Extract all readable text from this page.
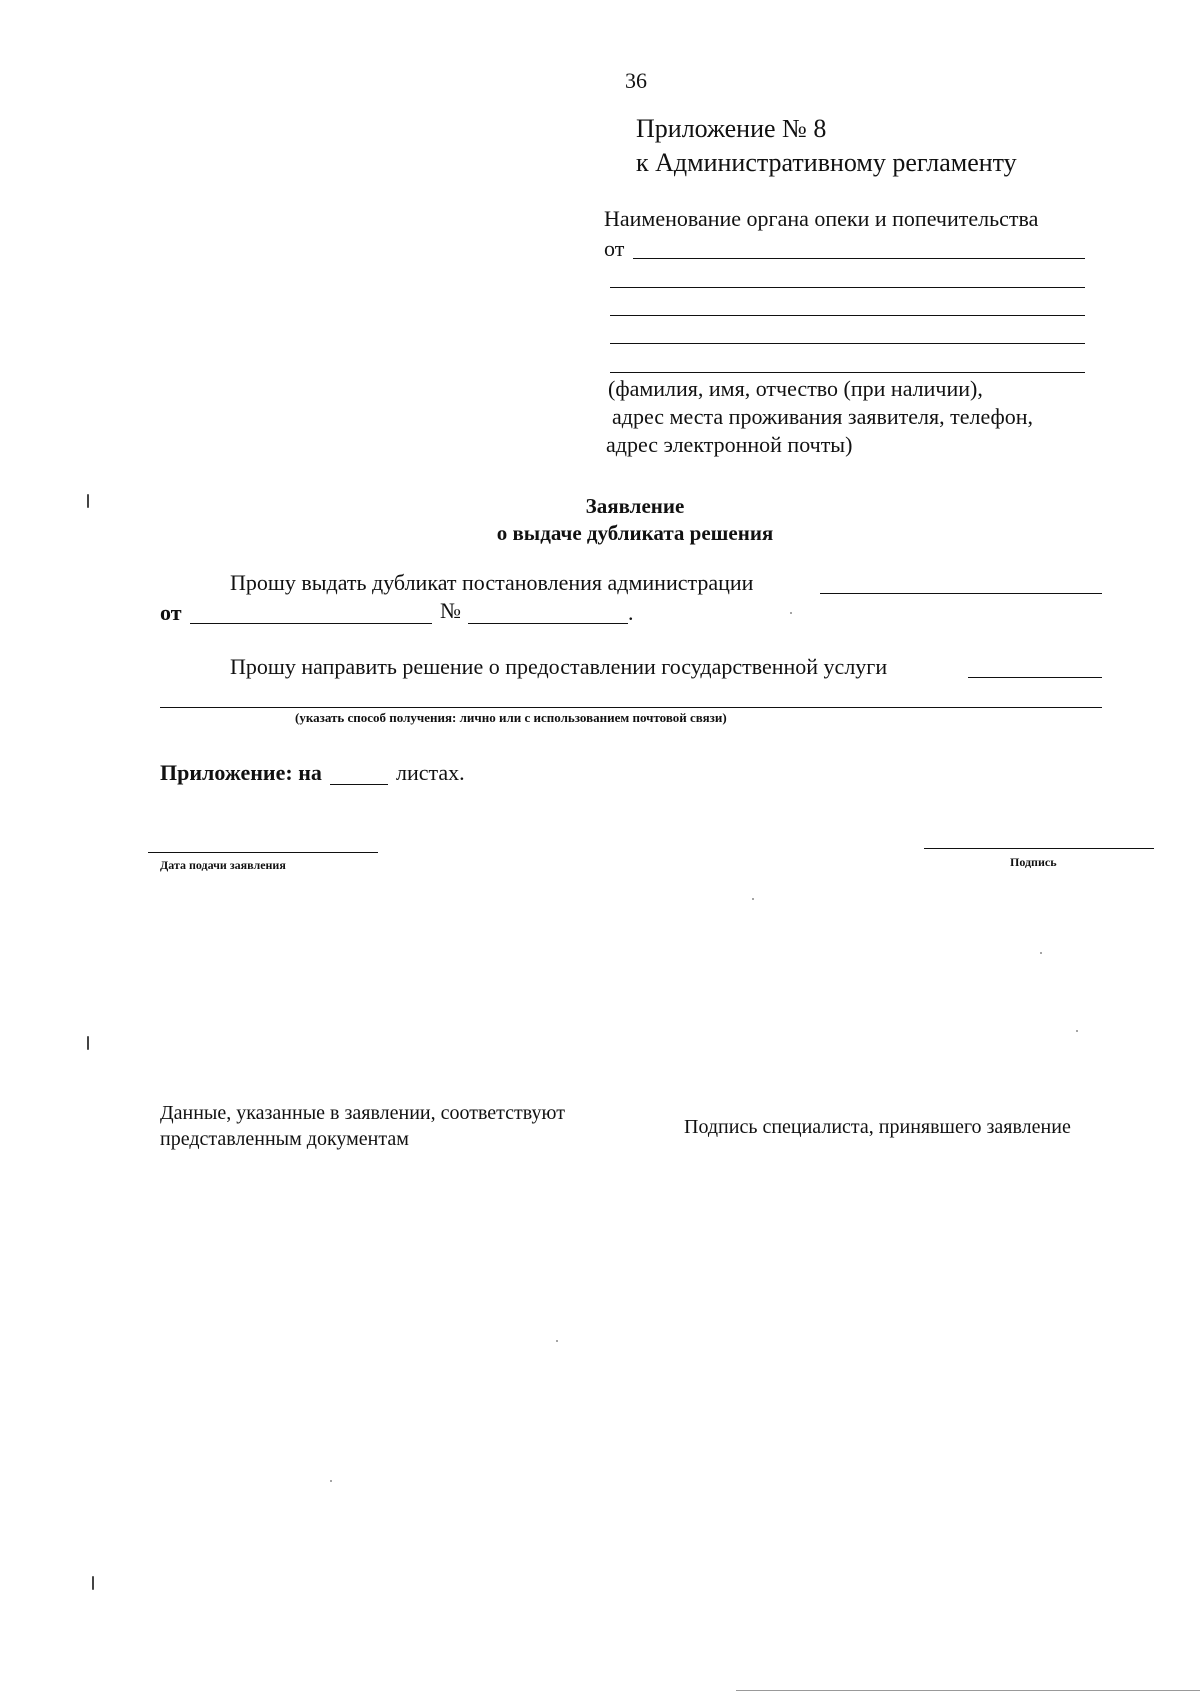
36
Приложение № 8
к Административному регламенту
Наименование органа опеки и попечительства
от
(фамилия, имя, отчество (при наличии),
адрес места проживания заявителя, телефон,
адрес электронной почты)
Заявление
о выдаче дубликата решения
Прошу выдать дубликат постановления администрации
от	№	.
Прошу направить решение о предоставлении государственной услуги
(указать способ получения: лично или с использованием почтовой связи)
Приложение: на	листах.
Дата подачи заявления	Подпись
Данные, указанные в заявлении, соответствуют
представленным документам
Подпись специалиста, принявшего заявление
